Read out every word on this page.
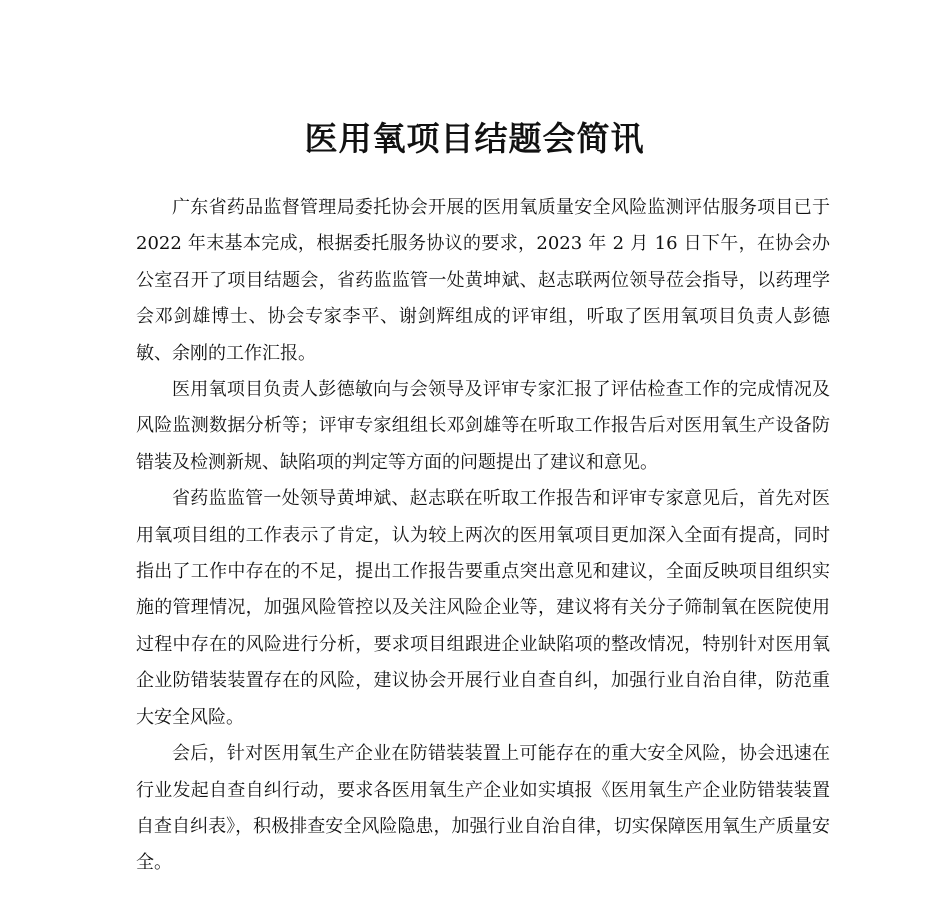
医用氧项目结题会简讯

广东省药品监督管理局委托协会开展的医用氧质量安全风险监测评估服务项目已于 2022 年末基本完成，根据委托服务协议的要求，2023 年 2 月 16 日下午，在协会办公室召开了项目结题会，省药监监管一处黄坤斌、赵志联两位领导莅会指导，以药理学会邓剑雄博士、协会专家李平、谢剑辉组成的评审组，听取了医用氧项目负责人彭德敏、余刚的工作汇报。

医用氧项目负责人彭德敏向与会领导及评审专家汇报了评估检查工作的完成情况及风险监测数据分析等；评审专家组组长邓剑雄等在听取工作报告后对医用氧生产设备防错装及检测新规、缺陷项的判定等方面的问题提出了建议和意见。

省药监监管一处领导黄坤斌、赵志联在听取工作报告和评审专家意见后，首先对医用氧项目组的工作表示了肯定，认为较上两次的医用氧项目更加深入全面有提高，同时指出了工作中存在的不足，提出工作报告要重点突出意见和建议，全面反映项目组织实施的管理情况，加强风险管控以及关注风险企业等，建议将有关分子筛制氧在医院使用过程中存在的风险进行分析，要求项目组跟进企业缺陷项的整改情况，特别针对医用氧企业防错装装置存在的风险，建议协会开展行业自查自纠，加强行业自治自律，防范重大安全风险。

会后，针对医用氧生产企业在防错装装置上可能存在的重大安全风险，协会迅速在行业发起自查自纠行动，要求各医用氧生产企业如实填报《医用氧生产企业防错装装置自查自纠表》，积极排查安全风险隐患，加强行业自治自律，切实保障医用氧生产质量安全。
